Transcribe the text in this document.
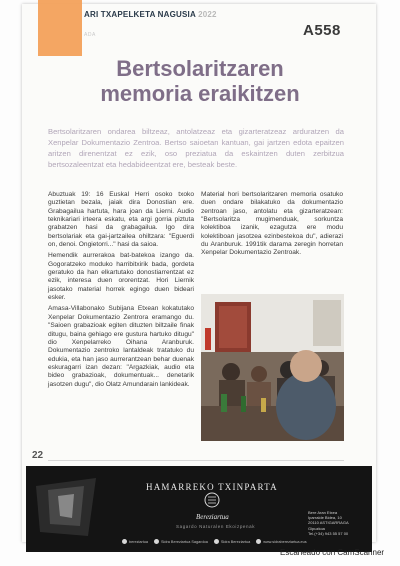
ARI TXAPELKETA NAGUSIA 2022
ADA	A558
Bertsolaritzaren
memoria eraikitzen
Bertsolaritzaren ondarea biltzeaz, antolatzeaz eta gizarteratzeaz arduratzen da Xenpelar Dokumentazio Zentroa. Bertso saioetan kantuan, gai jartzen edota epaitzen aritzen direnentzat ez ezik, oso preziatua da eskaintzen duten zerbitzua bertsozaleentzat eta hedabideentzat ere, besteak beste.

Abuztuak 19: 16 Euskal Herri osoko txoko guztietan bezala, jaiak dira Donostian ere. Grabagailua hartuta, hara joan da Lierni. Audio teknikariari irteera eskatu, eta argi gorria piztuta grabatzen hasi da grabagailua. Igo dira bertsolariak eta gai-jartzailea ohiltzara: "Eguerdi on, denoi. Ongietorri..." hasi da saioa.

Hemendik aurrerakoa bat-batekoa izango da. Gogoratzeko moduko harribitxirik bada, gordeta geratuko da han elkartutako donostiarrentzat ez ezik, interesa duen ororentzat. Hori Liernik jasotako material horrek egingo duen bideari esker.

Amasa-Villabonako Subijana Etxean kokatutako Xenpelar Dokumentazio Zentrora eramango du. "Saioen grabazioak egiten dituzten biltzaile finak ditugu, baina gehiago ere gustura hartuko ditugu" dio Xenpelarreko Oihana Aranburuk. Dokumentazio zentroko lantaldeak tratatuko du edukia, eta han jaso aurrerantzean behar duenak eskuragarri izan dezan: "Argazkiak, audio eta bideo grabazioak, dokumentuak... denetarik jasotzen dugu", dio Olatz Amundarain lankideak.

Material hori bertsolaritzaren memoria osatuko duen ondare bilakatuko da dokumentazio zentroan jaso, antolatu eta gizarteratzean: "Bertsolaritza mugimenduak, sorkuntza kolektiboa izanik, ezagutza ere modu kolektiboan jasotzea ezinbestekoa du", adierazi du Aranburuk. 1991tik darama zeregin horretan Xenpelar Dokumentazio Zentroak.

22
HAMARREKO TXINPARTA
Bereziartua
Sagardo Naturalen Ekoizpenak
Bere Aran Etxea
Iparralde Bidea, 10
20110 ASTIGARRAGA
Gipuzkoa
Tel.(+34) 943 55 57 00
bereziartua	Sidra Bereziartua Sagardoa	Sidra Bereziartua	www.sidrabereziartua.eus
Escaneado con CamScanner
